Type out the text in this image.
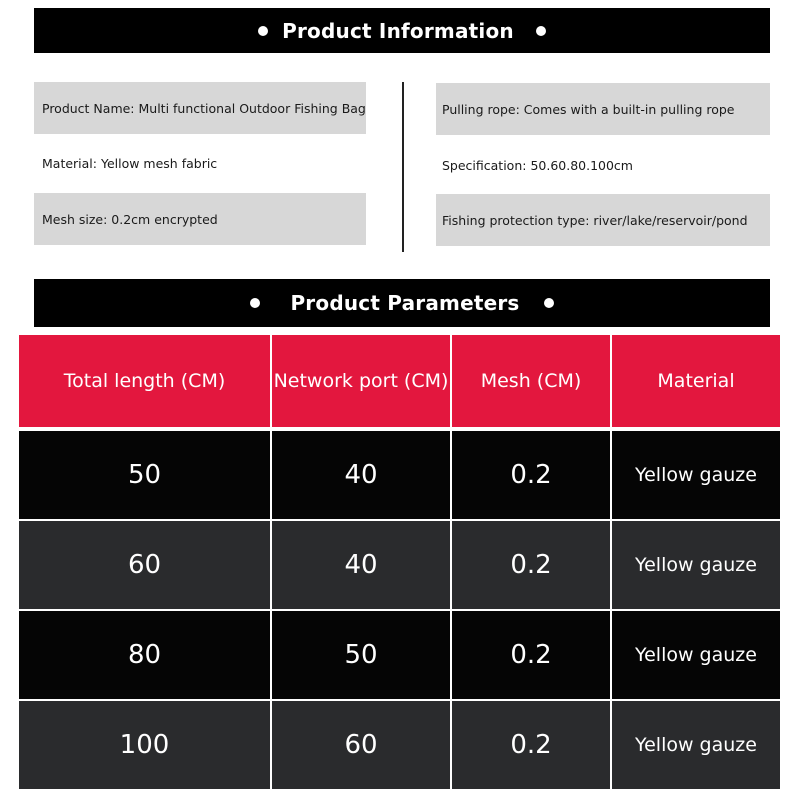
Product Information
Product Name: Multi functional Outdoor Fishing Bag
Material: Yellow mesh fabric
Mesh size: 0.2cm encrypted
Pulling rope: Comes with a built-in pulling rope
Specification: 50.60.80.100cm
Fishing protection type: river/lake/reservoir/pond
Product Parameters
Total length (CM)	Network port (CM)	Mesh (CM)	Material
50	40	0.2	Yellow gauze
60	40	0.2	Yellow gauze
80	50	0.2	Yellow gauze
100	60	0.2	Yellow gauze
